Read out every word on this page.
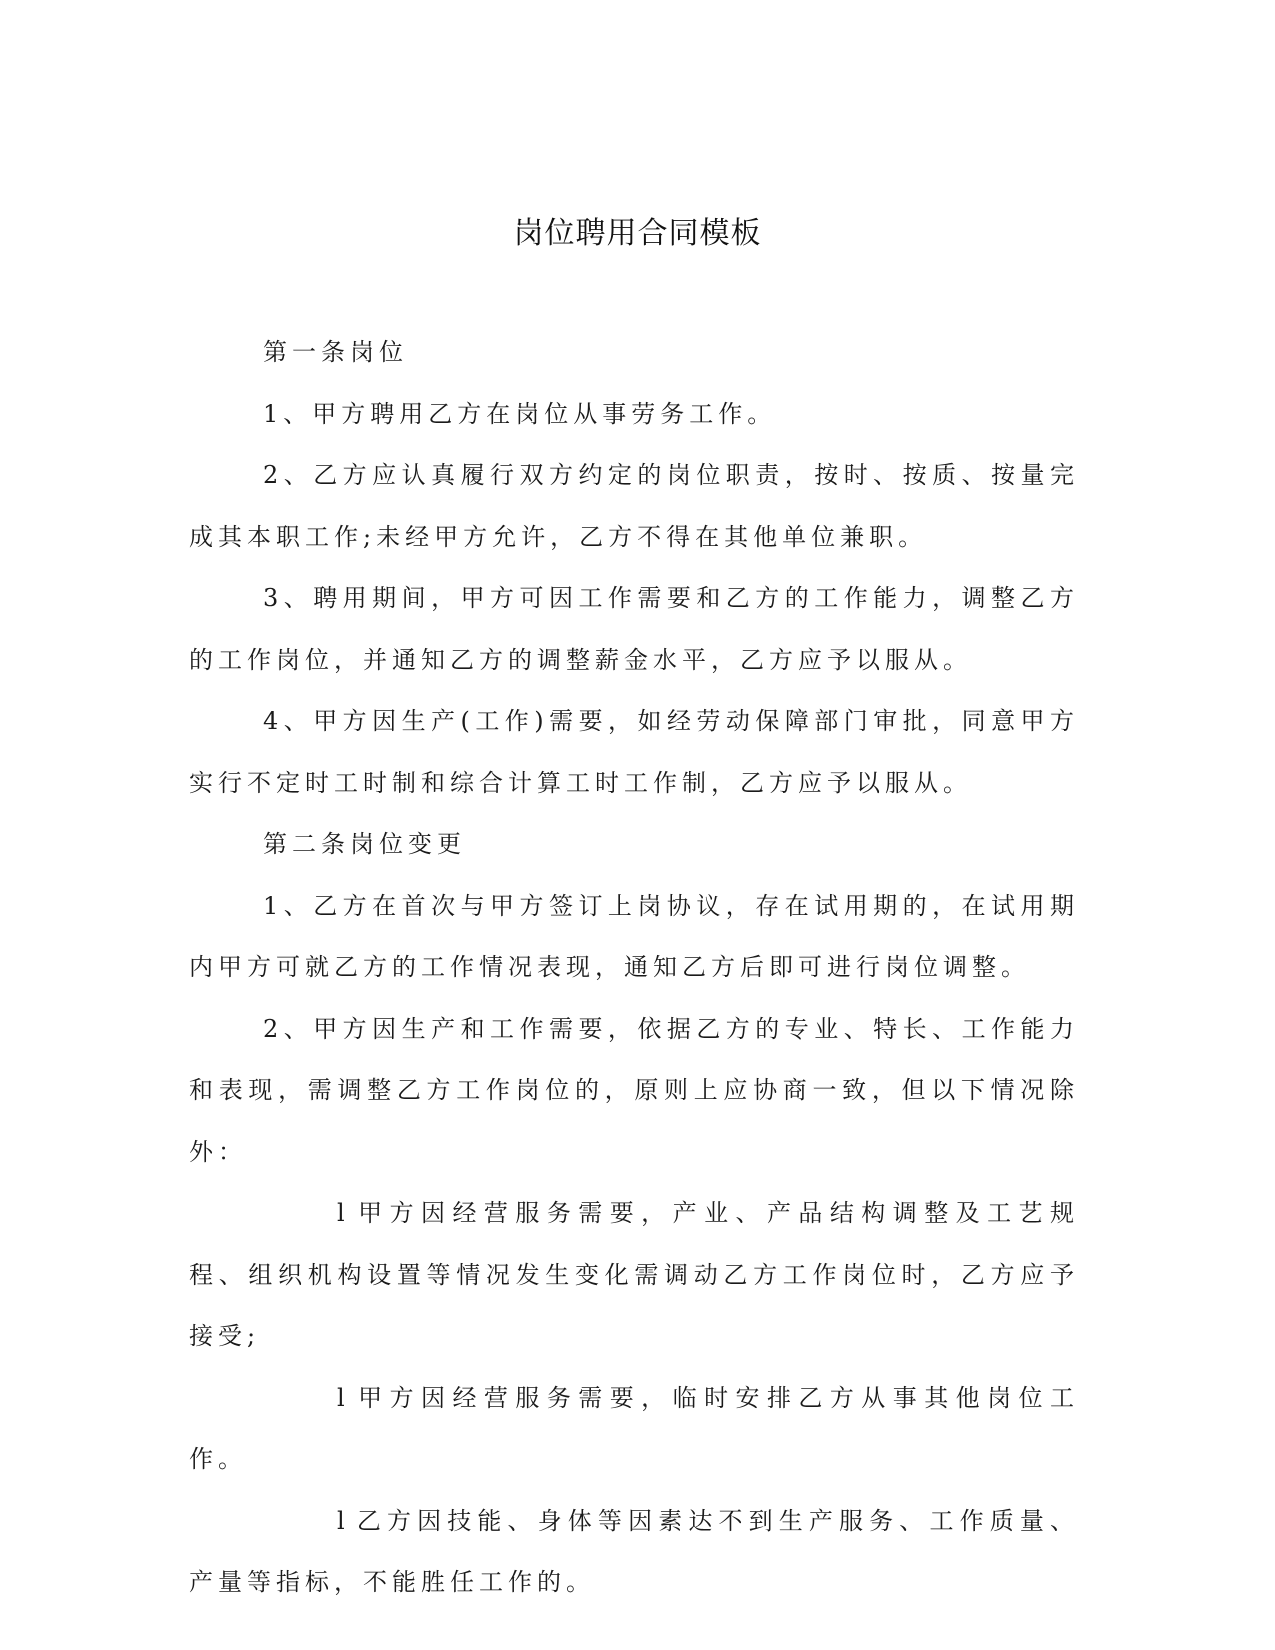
岗位聘用合同模板

第一条岗位

1、甲方聘用乙方在岗位从事劳务工作。

2、乙方应认真履行双方约定的岗位职责，按时、按质、按量完成其本职工作;未经甲方允许，乙方不得在其他单位兼职。

3、聘用期间，甲方可因工作需要和乙方的工作能力，调整乙方的工作岗位，并通知乙方的调整薪金水平，乙方应予以服从。

4、甲方因生产(工作)需要，如经劳动保障部门审批，同意甲方实行不定时工时制和综合计算工时工作制，乙方应予以服从。

第二条岗位变更

1、乙方在首次与甲方签订上岗协议，存在试用期的，在试用期内甲方可就乙方的工作情况表现，通知乙方后即可进行岗位调整。

2、甲方因生产和工作需要，依据乙方的专业、特长、工作能力和表现，需调整乙方工作岗位的，原则上应协商一致，但以下情况除外：

l 甲方因经营服务需要，产业、产品结构调整及工艺规程、组织机构设置等情况发生变化需调动乙方工作岗位时，乙方应予接受;

l 甲方因经营服务需要，临时安排乙方从事其他岗位工作。

l 乙方因技能、身体等因素达不到生产服务、工作质量、产量等指标，不能胜任工作的。
